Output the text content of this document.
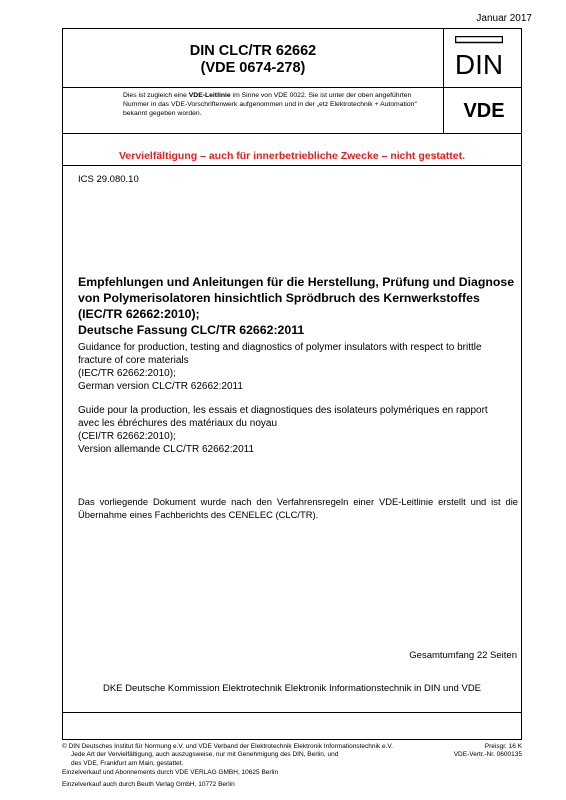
Januar 2017
DIN CLC/TR 62662
(VDE 0674-278)	DIN
Dies ist zugleich eine VDE-Leitlinie im Sinne von VDE 0022. Sie ist unter der oben angeführten Nummer in das VDE-Vorschriftenwerk aufgenommen und in der „etz Elektrotechnik + Automation“ bekannt gegeben worden.	VDE
Vervielfältigung – auch für innerbetriebliche Zwecke – nicht gestattet.
ICS 29.080.10
Empfehlungen und Anleitungen für die Herstellung, Prüfung und Diagnose
von Polymerisolatoren hinsichtlich Sprödbruch des Kernwerkstoffes
(IEC/TR 62662:2010);
Deutsche Fassung CLC/TR 62662:2011
Guidance for production, testing and diagnostics of polymer insulators with respect to brittle
fracture of core materials
(IEC/TR 62662:2010);
German version CLC/TR 62662:2011
Guide pour la production, les essais et diagnostiques des isolateurs polymériques en rapport
avec les ébréchures des matériaux du noyau
(CEI/TR 62662:2010);
Version allemande CLC/TR 62662:2011
Das vorliegende Dokument wurde nach den Verfahrensregeln einer VDE-Leitlinie erstellt und ist die Übernahme eines Fachberichts des CENELEC (CLC/TR).
Gesamtumfang 22 Seiten
DKE Deutsche Kommission Elektrotechnik Elektronik Informationstechnik in DIN und VDE
© DIN Deutsches Institut für Normung e.V. und VDE Verband der Elektrotechnik Elektronik Informationstechnik e.V.
Jede Art der Vervielfältigung, auch auszugsweise, nur mit Genehmigung des DIN, Berlin, und
des VDE, Frankfurt am Main, gestattet.
Preisgr. 16 K
VDE-Vertr.-Nr. 0600135
Einzelverkauf und Abonnements durch VDE VERLAG GMBH, 10625 Berlin
Einzelverkauf auch durch Beuth Verlag GmbH, 10772 Berlin
